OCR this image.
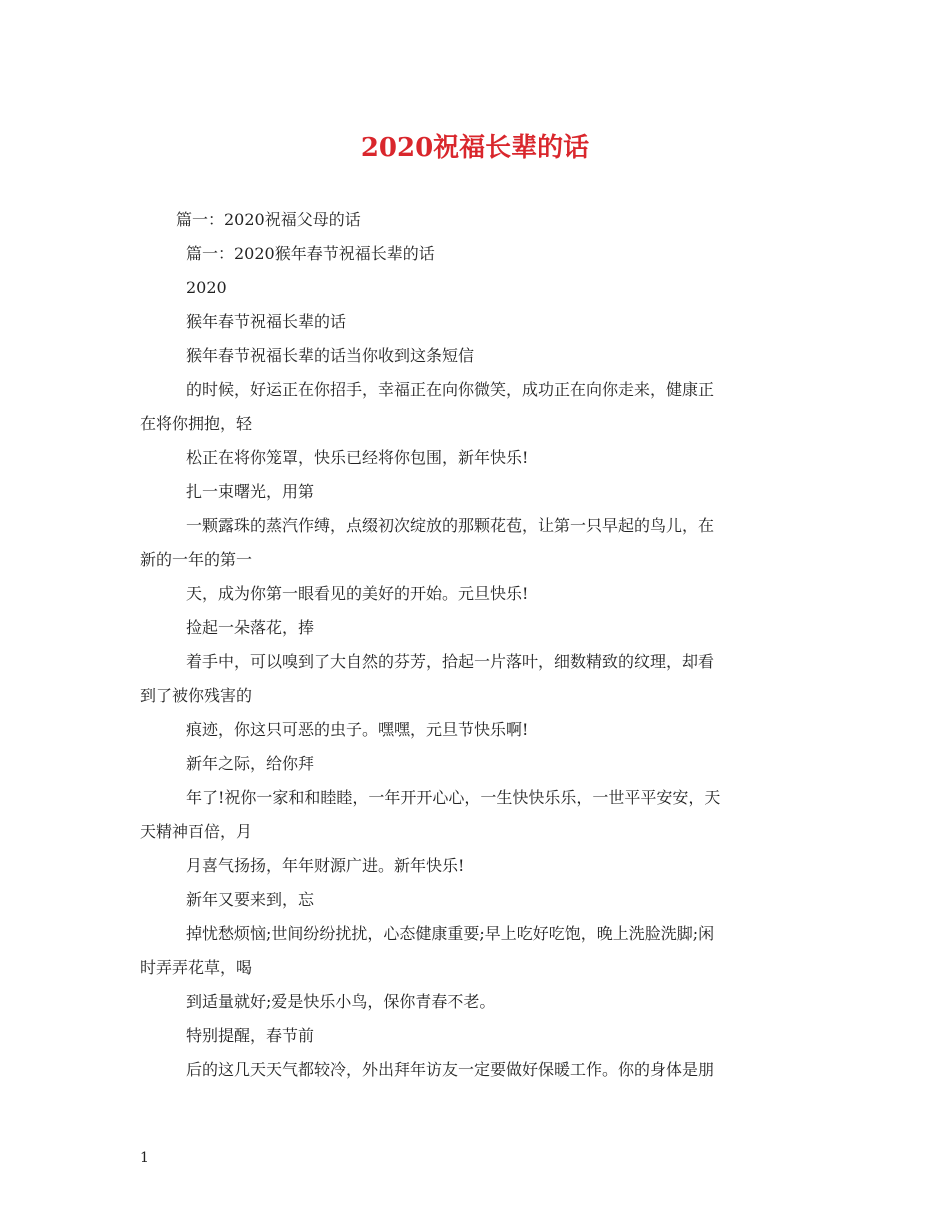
2020祝福长辈的话
篇一：2020祝福父母的话
篇一：2020猴年春节祝福长辈的话
2020
猴年春节祝福长辈的话
猴年春节祝福长辈的话当你收到这条短信
的时候，好运正在你招手，幸福正在向你微笑，成功正在向你走来，健康正
在将你拥抱，轻
松正在将你笼罩，快乐已经将你包围，新年快乐!
扎一束曙光，用第
一颗露珠的蒸汽作缚，点缀初次绽放的那颗花苞，让第一只早起的鸟儿，在
新的一年的第一
天，成为你第一眼看见的美好的开始。元旦快乐!
捡起一朵落花，捧
着手中，可以嗅到了大自然的芬芳，拾起一片落叶，细数精致的纹理，却看
到了被你残害的
痕迹，你这只可恶的虫子。嘿嘿，元旦节快乐啊!
新年之际，给你拜
年了!祝你一家和和睦睦，一年开开心心，一生快快乐乐，一世平平安安，天
天精神百倍，月
月喜气扬扬，年年财源广进。新年快乐!
新年又要来到，忘
掉忧愁烦恼;世间纷纷扰扰，心态健康重要;早上吃好吃饱，晚上洗脸洗脚;闲
时弄弄花草，喝
到适量就好;爱是快乐小鸟，保你青春不老。
特别提醒，春节前
后的这几天天气都较冷，外出拜年访友一定要做好保暖工作。你的身体是朋
1
